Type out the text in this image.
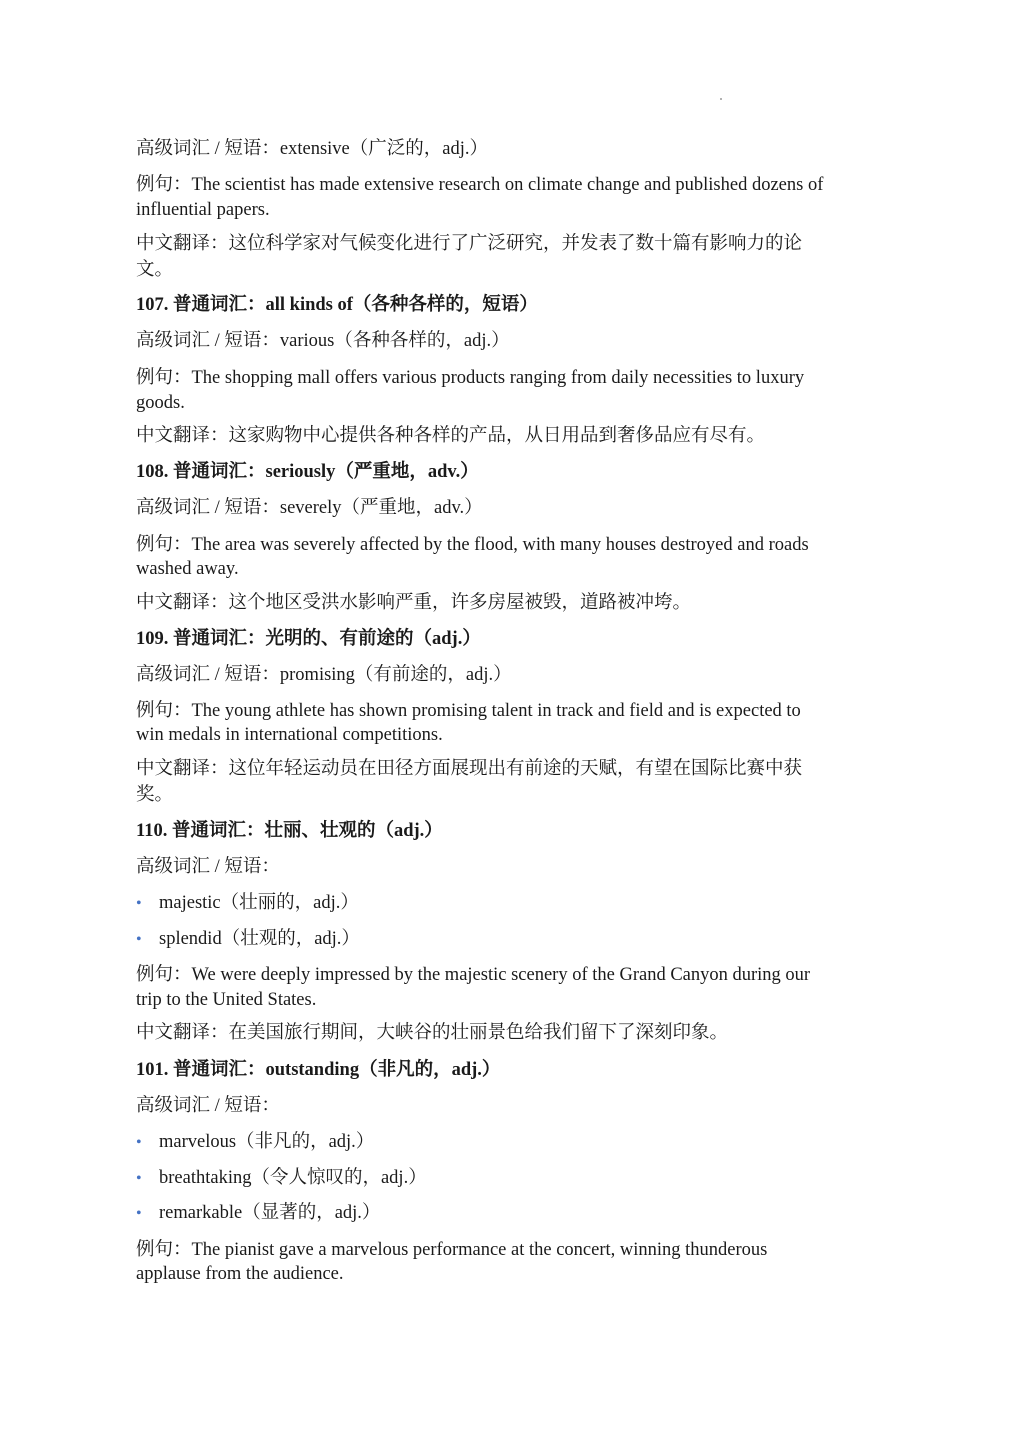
高级词汇 / 短语：extensive（广泛的，adj.）
例句：The scientist has made extensive research on climate change and published dozens of
influential papers.
中文翻译：这位科学家对气候变化进行了广泛研究，并发表了数十篇有影响力的论
文。
107. 普通词汇：all kinds of（各种各样的，短语）
高级词汇 / 短语：various（各种各样的，adj.）
例句：The shopping mall offers various products ranging from daily necessities to luxury
goods.
中文翻译：这家购物中心提供各种各样的产品，从日用品到奢侈品应有尽有。
108. 普通词汇：seriously（严重地，adv.）
高级词汇 / 短语：severely（严重地，adv.）
例句：The area was severely affected by the flood, with many houses destroyed and roads
washed away.
中文翻译：这个地区受洪水影响严重，许多房屋被毁，道路被冲垮。
109. 普通词汇：光明的、有前途的（adj.）
高级词汇 / 短语：promising（有前途的，adj.）
例句：The young athlete has shown promising talent in track and field and is expected to
win medals in international competitions.
中文翻译：这位年轻运动员在田径方面展现出有前途的天赋，有望在国际比赛中获
奖。
110. 普通词汇：壮丽、壮观的（adj.）
高级词汇 / 短语：
• majestic（壮丽的，adj.）
• splendid（壮观的，adj.）
例句：We were deeply impressed by the majestic scenery of the Grand Canyon during our
trip to the United States.
中文翻译：在美国旅行期间，大峡谷的壮丽景色给我们留下了深刻印象。
101. 普通词汇：outstanding（非凡的，adj.）
高级词汇 / 短语：
• marvelous（非凡的，adj.）
• breathtaking（令人惊叹的，adj.）
• remarkable（显著的，adj.）
例句：The pianist gave a marvelous performance at the concert, winning thunderous
applause from the audience.
